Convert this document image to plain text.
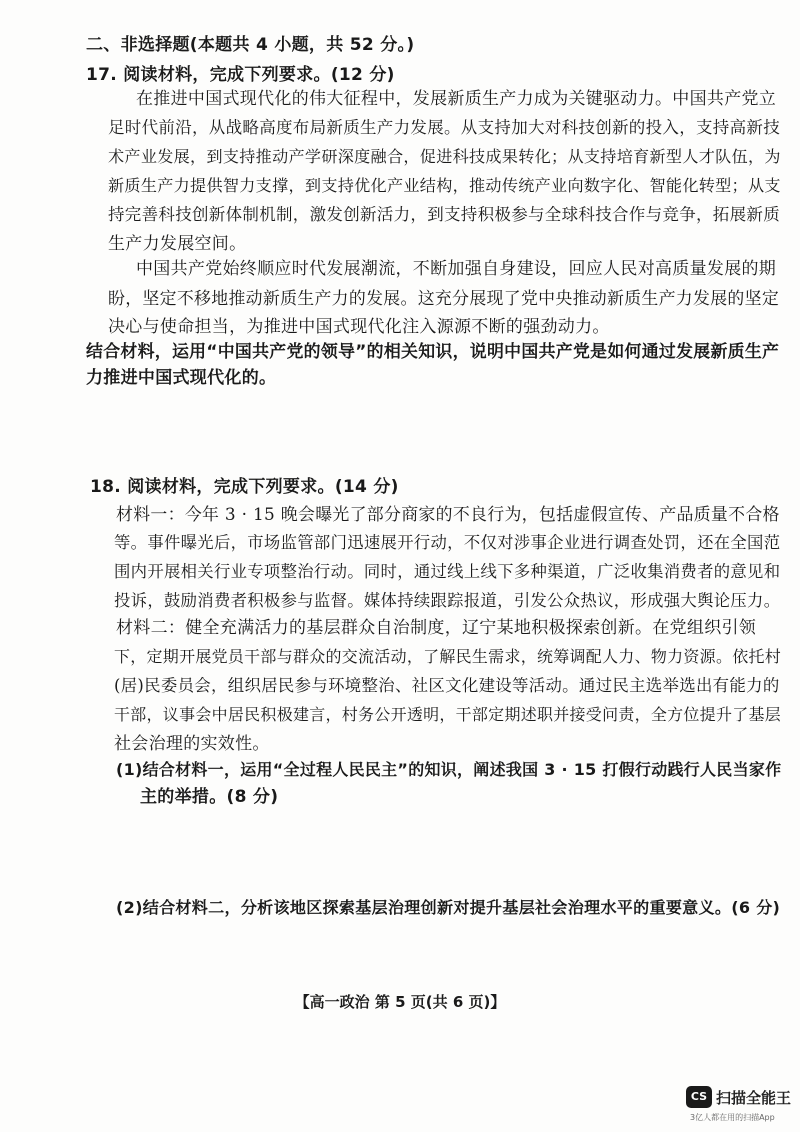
二、非选择题(本题共 4 小题，共 52 分。)
17. 阅读材料，完成下列要求。(12 分)
在推进中国式现代化的伟大征程中，发展新质生产力成为关键驱动力。中国共产党立
足时代前沿，从战略高度布局新质生产力发展。从支持加大对科技创新的投入，支持高新技
术产业发展，到支持推动产学研深度融合，促进科技成果转化；从支持培育新型人才队伍，为
新质生产力提供智力支撑，到支持优化产业结构，推动传统产业向数字化、智能化转型；从支
持完善科技创新体制机制，激发创新活力，到支持积极参与全球科技合作与竞争，拓展新质
生产力发展空间。
中国共产党始终顺应时代发展潮流，不断加强自身建设，回应人民对高质量发展的期
盼，坚定不移地推动新质生产力的发展。这充分展现了党中央推动新质生产力发展的坚定
决心与使命担当，为推进中国式现代化注入源源不断的强劲动力。
结合材料，运用“中国共产党的领导”的相关知识，说明中国共产党是如何通过发展新质生产
力推进中国式现代化的。
18. 阅读材料，完成下列要求。(14 分)
材料一：今年 3 · 15 晚会曝光了部分商家的不良行为，包括虚假宣传、产品质量不合格
等。事件曝光后，市场监管部门迅速展开行动，不仅对涉事企业进行调查处罚，还在全国范
围内开展相关行业专项整治行动。同时，通过线上线下多种渠道，广泛收集消费者的意见和
投诉，鼓励消费者积极参与监督。媒体持续跟踪报道，引发公众热议，形成强大舆论压力。
材料二：健全充满活力的基层群众自治制度，辽宁某地积极探索创新。在党组织引领
下，定期开展党员干部与群众的交流活动，了解民生需求，统筹调配人力、物力资源。依托村
(居)民委员会，组织居民参与环境整治、社区文化建设等活动。通过民主选举选出有能力的
干部，议事会中居民积极建言，村务公开透明，干部定期述职并接受问责，全方位提升了基层
社会治理的实效性。
(1)结合材料一，运用“全过程人民民主”的知识，阐述我国 3 · 15 打假行动践行人民当家作
主的举措。(8 分)
(2)结合材料二，分析该地区探索基层治理创新对提升基层社会治理水平的重要意义。(6 分)
【高一政治 第 5 页(共 6 页)】
CS 扫描全能王
3亿人都在用的扫描App
